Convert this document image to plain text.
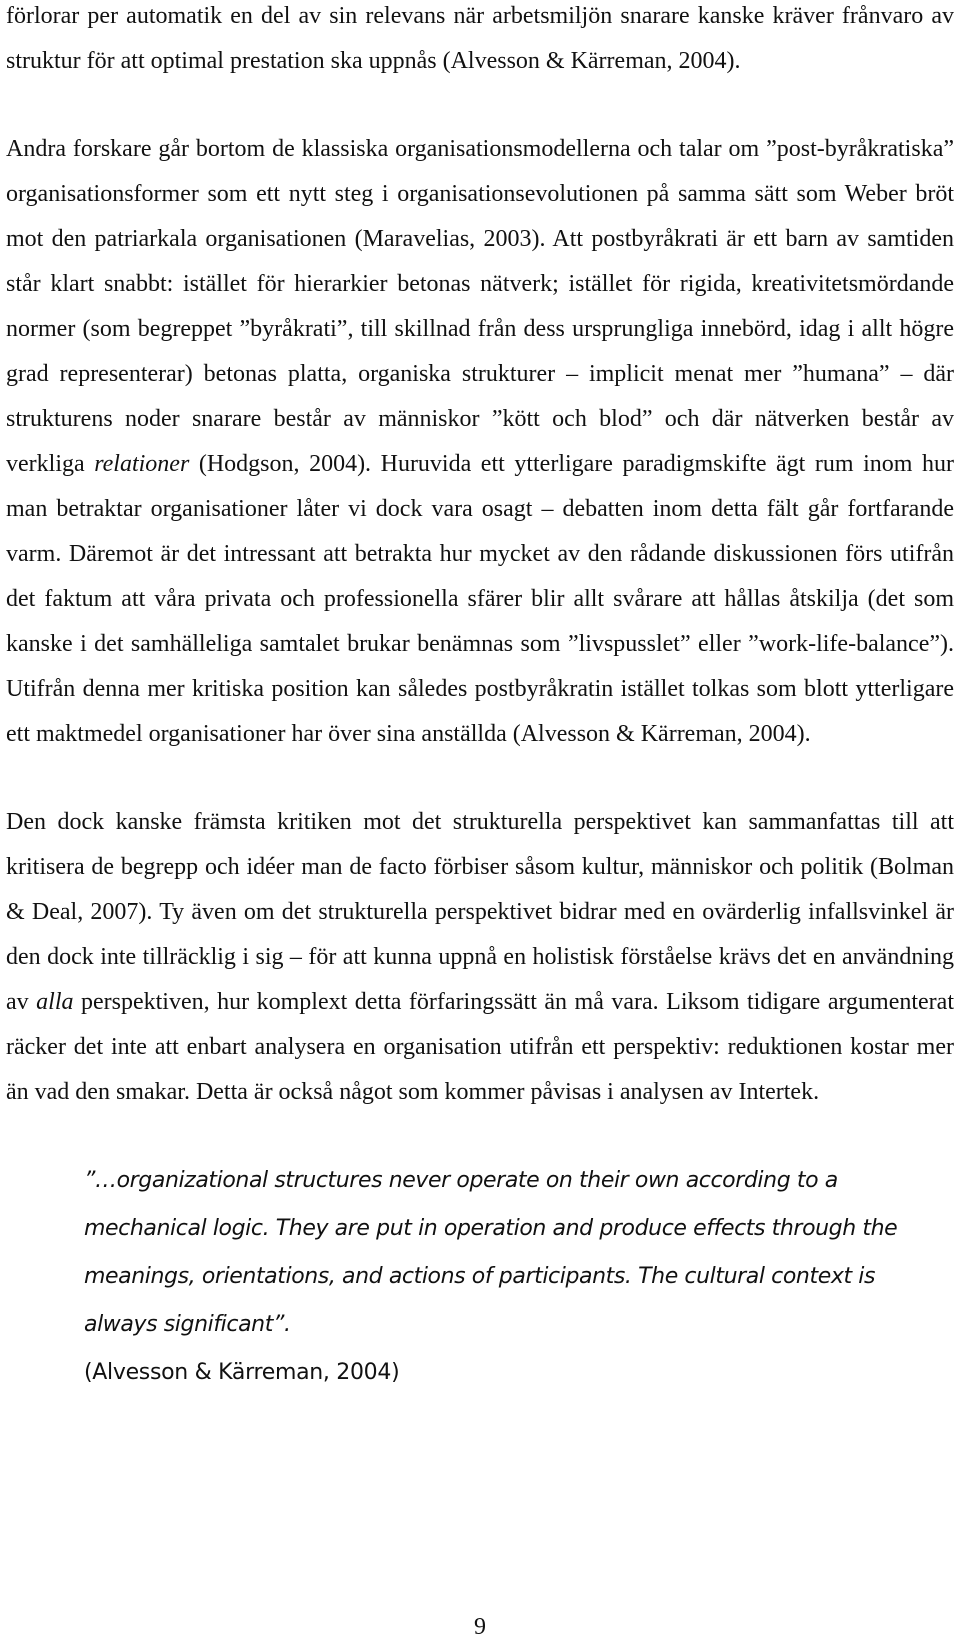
förlorar per automatik en del av sin relevans när arbetsmiljön snarare kanske kräver frånvaro av struktur för att optimal prestation ska uppnås (Alvesson & Kärreman, 2004).

Andra forskare går bortom de klassiska organisationsmodellerna och talar om ”post-byråkratiska” organisationsformer som ett nytt steg i organisationsevolutionen på samma sätt som Weber bröt mot den patriarkala organisationen (Maravelias, 2003). Att postbyråkrati är ett barn av samtiden står klart snabbt: istället för hierarkier betonas nätverk; istället för rigida, kreativitetsmördande normer (som begreppet ”byråkrati”, till skillnad från dess ursprungliga innebörd, idag i allt högre grad representerar) betonas platta, organiska strukturer – implicit menat mer ”humana” – där strukturens noder snarare består av människor ”kött och blod” och där nätverken består av verkliga relationer (Hodgson, 2004). Huruvida ett ytterligare paradigmskifte ägt rum inom hur man betraktar organisationer låter vi dock vara osagt – debatten inom detta fält går fortfarande varm. Däremot är det intressant att betrakta hur mycket av den rådande diskussionen förs utifrån det faktum att våra privata och professionella sfärer blir allt svårare att hållas åtskilja (det som kanske i det samhälleliga samtalet brukar benämnas som ”livspusslet” eller ”work-life-balance”). Utifrån denna mer kritiska position kan således postbyråkratin istället tolkas som blott ytterligare ett maktmedel organisationer har över sina anställda (Alvesson & Kärreman, 2004).

Den dock kanske främsta kritiken mot det strukturella perspektivet kan sammanfattas till att kritisera de begrepp och idéer man de facto förbiser såsom kultur, människor och politik (Bolman & Deal, 2007). Ty även om det strukturella perspektivet bidrar med en ovärderlig infallsvinkel är den dock inte tillräcklig i sig – för att kunna uppnå en holistisk förståelse krävs det en användning av alla perspektiven, hur komplext detta förfaringssätt än må vara. Liksom tidigare argumenterat räcker det inte att enbart analysera en organisation utifrån ett perspektiv: reduktionen kostar mer än vad den smakar. Detta är också något som kommer påvisas i analysen av Intertek.

”…organizational structures never operate on their own according to a mechanical logic. They are put in operation and produce effects through the meanings, orientations, and actions of participants. The cultural context is always significant”.

(Alvesson & Kärreman, 2004)

9
